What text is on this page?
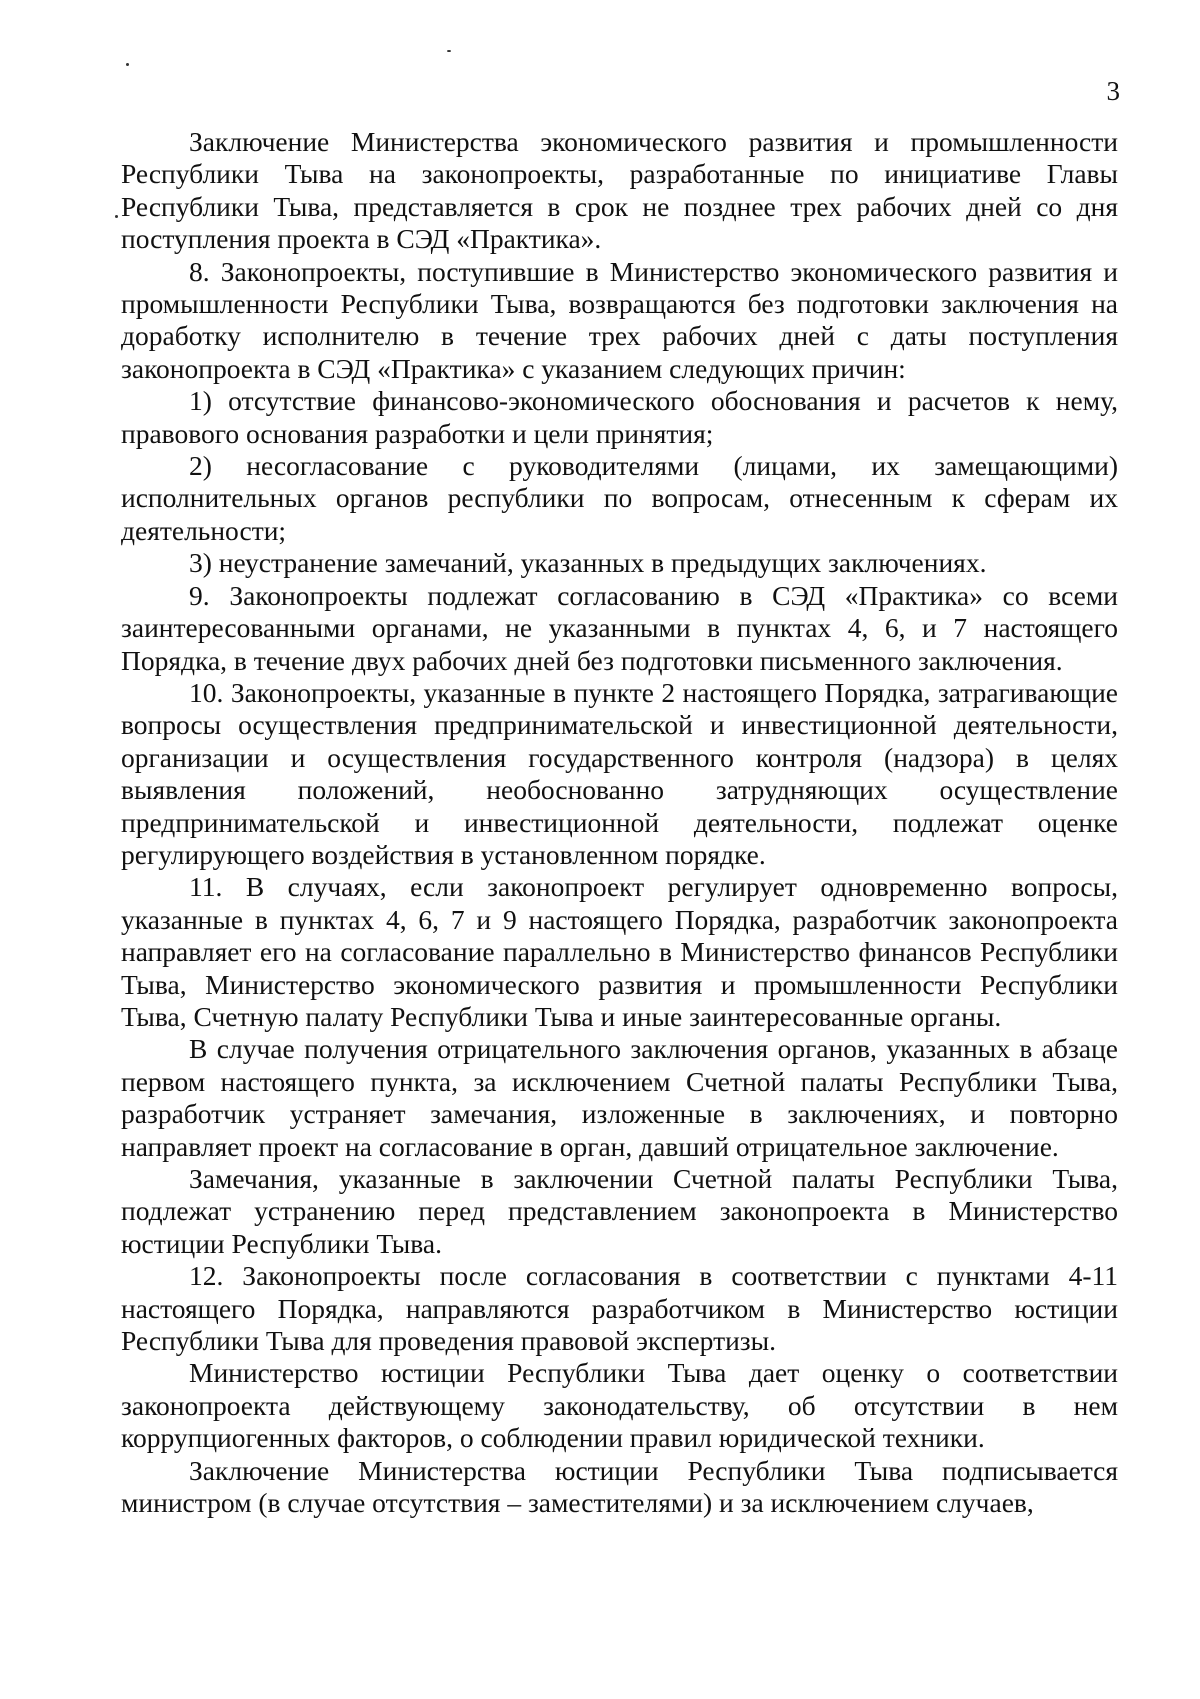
3

Заключение Министерства экономического развития и промышленности Республики Тыва на законопроекты, разработанные по инициативе Главы Республики Тыва, представляется в срок не позднее трех рабочих дней со дня поступления проекта в СЭД «Практика».

8. Законопроекты, поступившие в Министерство экономического развития и промышленности Республики Тыва, возвращаются без подготовки заключения на доработку исполнителю в течение трех рабочих дней с даты поступления законопроекта в СЭД «Практика» с указанием следующих причин:

1) отсутствие финансово-экономического обоснования и расчетов к нему, правового основания разработки и цели принятия;

2) несогласование с руководителями (лицами, их замещающими) исполнительных органов республики по вопросам, отнесенным к сферам их деятельности;

3) неустранение замечаний, указанных в предыдущих заключениях.

9. Законопроекты подлежат согласованию в СЭД «Практика» со всеми заинтересованными органами, не указанными в пунктах 4, 6, и 7 настоящего Порядка, в течение двух рабочих дней без подготовки письменного заключения.

10. Законопроекты, указанные в пункте 2 настоящего Порядка, затрагивающие вопросы осуществления предпринимательской и инвестиционной деятельности, организации и осуществления государственного контроля (надзора) в целях выявления положений, необоснованно затрудняющих осуществление предпринимательской и инвестиционной деятельности, подлежат оценке регулирующего воздействия в установленном порядке.

11. В случаях, если законопроект регулирует одновременно вопросы, указанные в пунктах 4, 6, 7 и 9 настоящего Порядка, разработчик законопроекта направляет его на согласование параллельно в Министерство финансов Республики Тыва, Министерство экономического развития и промышленности Республики Тыва, Счетную палату Республики Тыва и иные заинтересованные органы.

В случае получения отрицательного заключения органов, указанных в абзаце первом настоящего пункта, за исключением Счетной палаты Республики Тыва, разработчик устраняет замечания, изложенные в заключениях, и повторно направляет проект на согласование в орган, давший отрицательное заключение.

Замечания, указанные в заключении Счетной палаты Республики Тыва, подлежат устранению перед представлением законопроекта в Министерство юстиции Республики Тыва.

12. Законопроекты после согласования в соответствии с пунктами 4-11 настоящего Порядка, направляются разработчиком в Министерство юстиции Республики Тыва для проведения правовой экспертизы.

Министерство юстиции Республики Тыва дает оценку о соответствии законопроекта действующему законодательству, об отсутствии в нем коррупциогенных факторов, о соблюдении правил юридической техники.

Заключение Министерства юстиции Республики Тыва подписывается министром (в случае отсутствия – заместителями) и за исключением случаев,
